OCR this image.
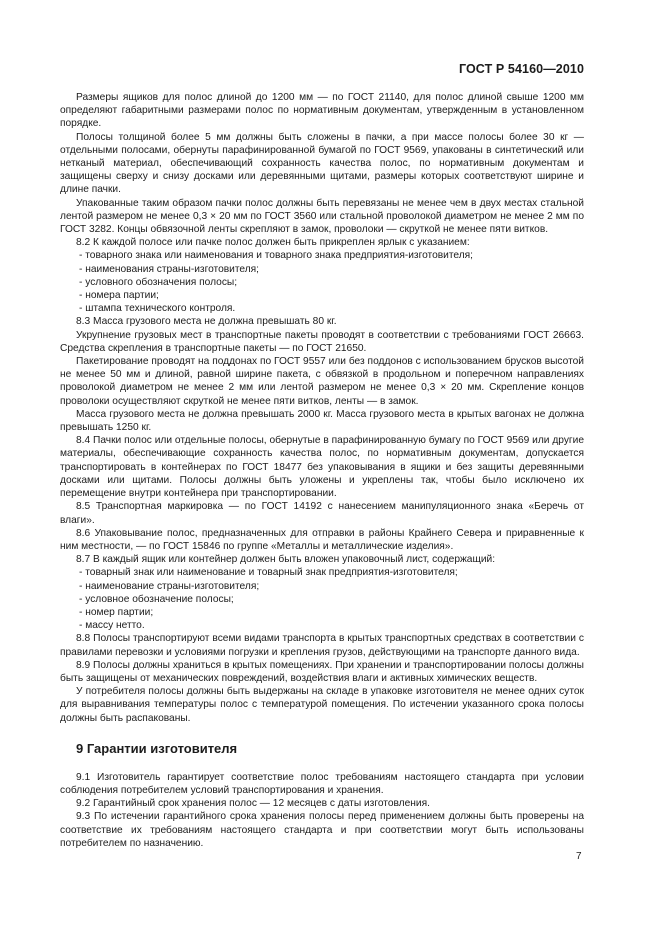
ГОСТ Р 54160—2010

Размеры ящиков для полос длиной до 1200 мм — по ГОСТ 21140, для полос длиной свыше 1200 мм определяют габаритными размерами полос по нормативным документам, утвержденным в установленном порядке.

Полосы толщиной более 5 мм должны быть сложены в пачки, а при массе полосы более 30 кг — отдельными полосами, обернуты парафинированной бумагой по ГОСТ 9569, упакованы в синтетический или нетканый материал, обеспечивающий сохранность качества полос, по нормативным документам и защищены сверху и снизу досками или деревянными щитами, размеры которых соответствуют ширине и длине пачки.

Упакованные таким образом пачки полос должны быть перевязаны не менее чем в двух местах стальной лентой размером не менее 0,3 × 20 мм по ГОСТ 3560 или стальной проволокой диаметром не менее 2 мм по ГОСТ 3282. Концы обвязочной ленты скрепляют в замок, проволоки — скруткой не менее пяти витков.

8.2 К каждой полосе или пачке полос должен быть прикреплен ярлык с указанием:

- товарного знака или наименования и товарного знака предприятия-изготовителя;

- наименования страны-изготовителя;

- условного обозначения полосы;

- номера партии;

- штампа технического контроля.

8.3 Масса грузового места не должна превышать 80 кг.

Укрупнение грузовых мест в транспортные пакеты проводят в соответствии с требованиями ГОСТ 26663. Средства скрепления в транспортные пакеты — по ГОСТ 21650.

Пакетирование проводят на поддонах по ГОСТ 9557 или без поддонов с использованием брусков высотой не менее 50 мм и длиной, равной ширине пакета, с обвязкой в продольном и поперечном направлениях проволокой диаметром не менее 2 мм или лентой размером не менее 0,3 × 20 мм. Скрепление концов проволоки осуществляют скруткой не менее пяти витков, ленты — в замок.

Масса грузового места не должна превышать 2000 кг. Масса грузового места в крытых вагонах не должна превышать 1250 кг.

8.4 Пачки полос или отдельные полосы, обернутые в парафинированную бумагу по ГОСТ 9569 или другие материалы, обеспечивающие сохранность качества полос, по нормативным документам, допускается транспортировать в контейнерах по ГОСТ 18477 без упаковывания в ящики и без защиты деревянными досками или щитами. Полосы должны быть уложены и укреплены так, чтобы было исключено их перемещение внутри контейнера при транспортировании.

8.5 Транспортная маркировка — по ГОСТ 14192 с нанесением манипуляционного знака «Беречь от влаги».

8.6 Упаковывание полос, предназначенных для отправки в районы Крайнего Севера и приравненные к ним местности, — по ГОСТ 15846 по группе «Металлы и металлические изделия».

8.7 В каждый ящик или контейнер должен быть вложен упаковочный лист, содержащий:

- товарный знак или наименование и товарный знак предприятия-изготовителя;

- наименование страны-изготовителя;

- условное обозначение полосы;

- номер партии;

- массу нетто.

8.8 Полосы транспортируют всеми видами транспорта в крытых транспортных средствах в соответствии с правилами перевозки и условиями погрузки и крепления грузов, действующими на транспорте данного вида.

8.9 Полосы должны храниться в крытых помещениях. При хранении и транспортировании полосы должны быть защищены от механических повреждений, воздействия влаги и активных химических веществ.

У потребителя полосы должны быть выдержаны на складе в упаковке изготовителя не менее одних суток для выравнивания температуры полос с температурой помещения. По истечении указанного срока полосы должны быть распакованы.

9 Гарантии изготовителя

9.1 Изготовитель гарантирует соответствие полос требованиям настоящего стандарта при условии соблюдения потребителем условий транспортирования и хранения.

9.2 Гарантийный срок хранения полос — 12 месяцев с даты изготовления.

9.3 По истечении гарантийного срока хранения полосы перед применением должны быть проверены на соответствие их требованиям настоящего стандарта и при соответствии могут быть использованы потребителем по назначению.

7
